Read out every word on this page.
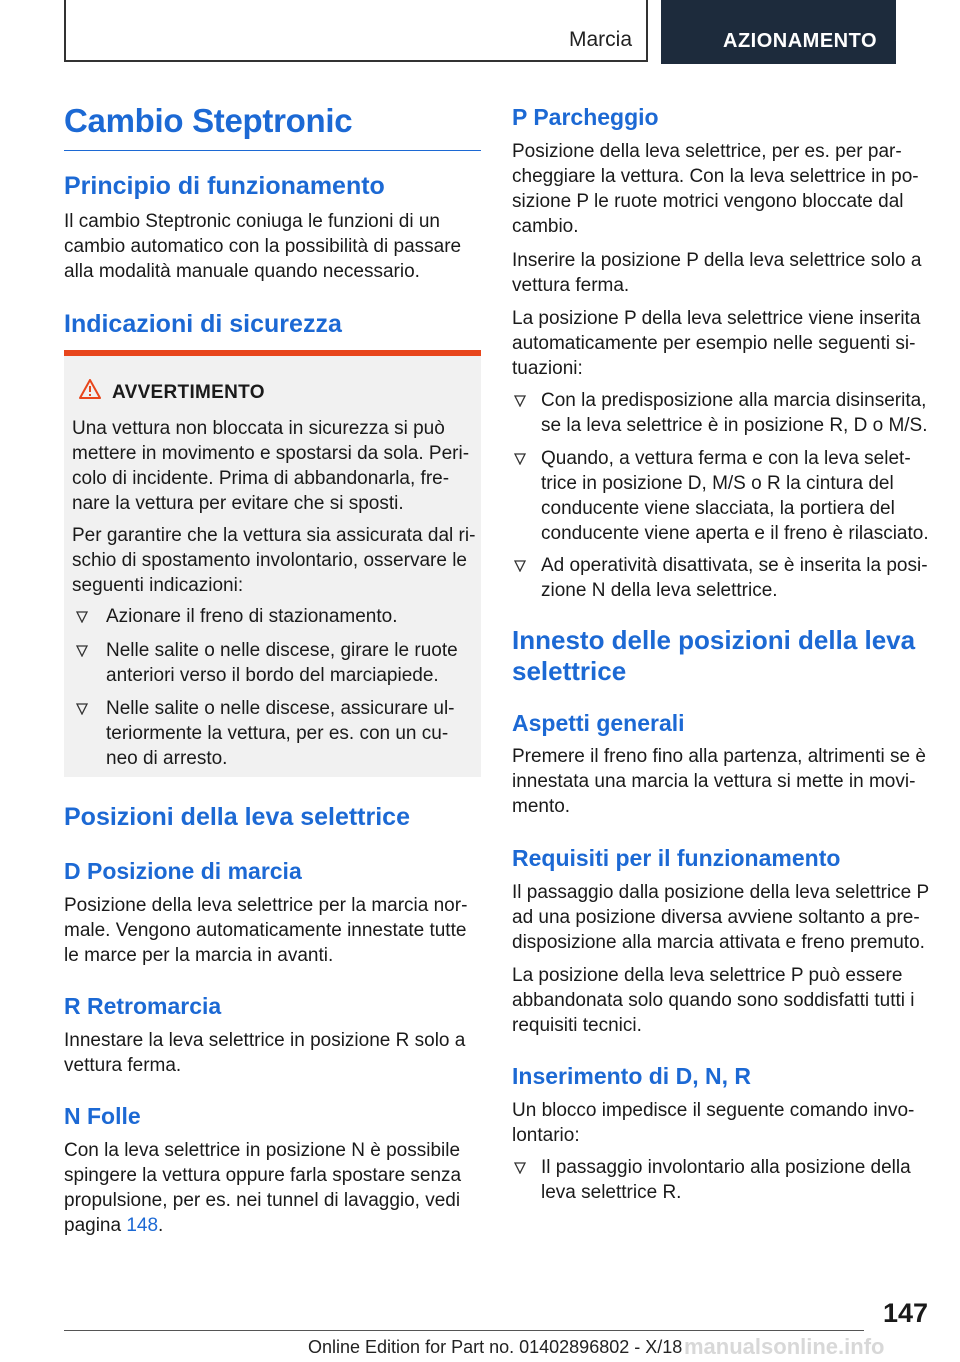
Marcia	AZIONAMENTO
Cambio Steptronic
Principio di funzionamento
Il cambio Steptronic coniuga le funzioni di un
cambio automatico con la possibilità di passare
alla modalità manuale quando necessario.
Indicazioni di sicurezza
AVVERTIMENTO
Una vettura non bloccata in sicurezza si può
mettere in movimento e spostarsi da sola. Peri-
colo di incidente. Prima di abbandonarla, fre-
nare la vettura per evitare che si sposti.
Per garantire che la vettura sia assicurata dal ri-
schio di spostamento involontario, osservare le
seguenti indicazioni:
Azionare il freno di stazionamento.
Nelle salite o nelle discese, girare le ruote
anteriori verso il bordo del marciapiede.
Nelle salite o nelle discese, assicurare ul-
teriormente la vettura, per es. con un cu-
neo di arresto.
Posizioni della leva selettrice
D Posizione di marcia
Posizione della leva selettrice per la marcia nor-
male. Vengono automaticamente innestate tutte
le marce per la marcia in avanti.
R Retromarcia
Innestare la leva selettrice in posizione R solo a
vettura ferma.
N Folle
Con la leva selettrice in posizione N è possibile
spingere la vettura oppure farla spostare senza
propulsione, per es. nei tunnel di lavaggio, vedi
pagina 148.
P Parcheggio
Posizione della leva selettrice, per es. per par-
cheggiare la vettura. Con la leva selettrice in po-
sizione P le ruote motrici vengono bloccate dal
cambio.
Inserire la posizione P della leva selettrice solo a
vettura ferma.
La posizione P della leva selettrice viene inserita
automaticamente per esempio nelle seguenti si-
tuazioni:
Con la predisposizione alla marcia disinserita,
se la leva selettrice è in posizione R, D o M/S.
Quando, a vettura ferma e con la leva selet-
trice in posizione D, M/S o R la cintura del
conducente viene slacciata, la portiera del
conducente viene aperta e il freno è rilasciato.
Ad operatività disattivata, se è inserita la posi-
zione N della leva selettrice.
Innesto delle posizioni della leva
selettrice
Aspetti generali
Premere il freno fino alla partenza, altrimenti se è
innestata una marcia la vettura si mette in movi-
mento.
Requisiti per il funzionamento
Il passaggio dalla posizione della leva selettrice P
ad una posizione diversa avviene soltanto a pre-
disposizione alla marcia attivata e freno premuto.
La posizione della leva selettrice P può essere
abbandonata solo quando sono soddisfatti tutti i
requisiti tecnici.
Inserimento di D, N, R
Un blocco impedisce il seguente comando invo-
lontario:
Il passaggio involontario alla posizione della
leva selettrice R.
147
Online Edition for Part no. 01402896802 - X/18 manualsonline.info
